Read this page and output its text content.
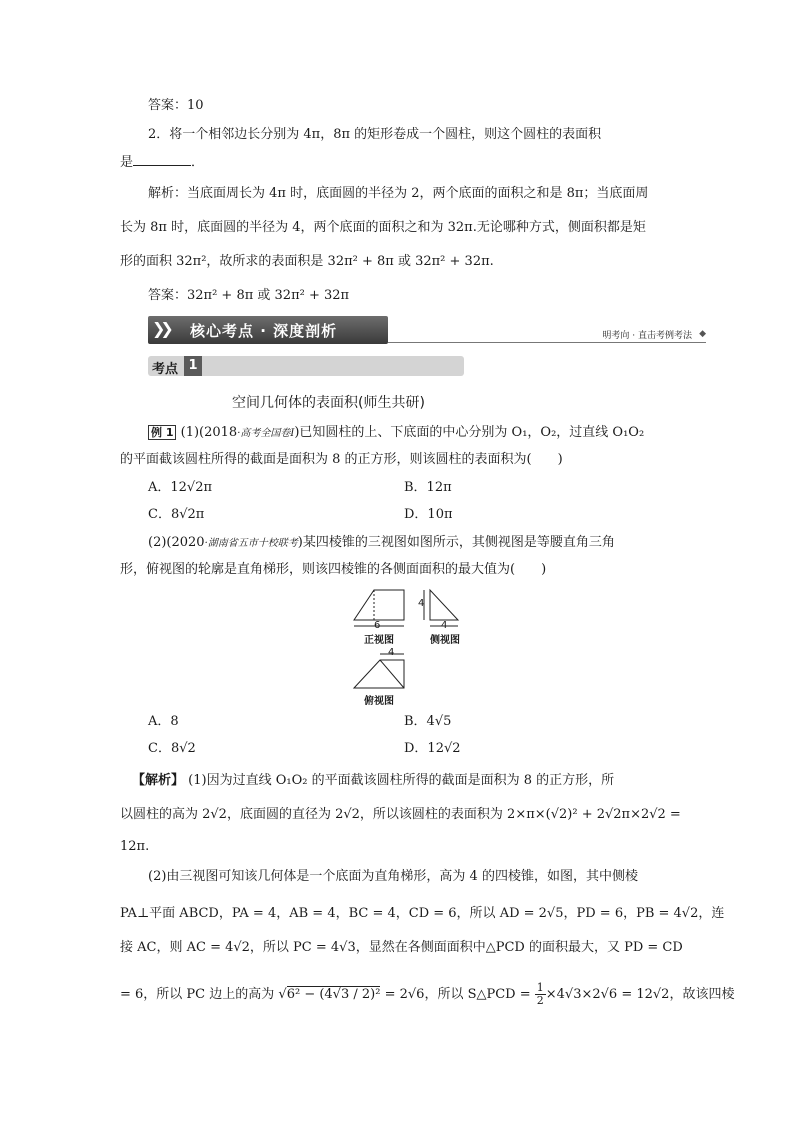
答案：10
2．将一个相邻边长分别为 4π，8π 的矩形卷成一个圆柱，则这个圆柱的表面积
是	．
解析：当底面周长为 4π 时，底面圆的半径为 2，两个底面的面积之和是 8π；当底面周
长为 8π 时，底面圆的半径为 4，两个底面的面积之和为 32π.无论哪种方式，侧面积都是矩
形的面积 32π²，故所求的表面积是 32π² + 8π 或 32π² + 32π.
答案：32π² + 8π 或 32π² + 32π
❯❯ 核心考点 · 深度剖析	明考向 · 直击考例考法 ◆
考点 1
空间几何体的表面积(师生共研)
例 1 (1)(2018·高考全国卷Ⅰ)已知圆柱的上、下底面的中心分别为 O₁，O₂，过直线 O₁O₂
的平面截该圆柱所得的截面是面积为 8 的正方形，则该圆柱的表面积为(　　)
A．12√2π	B．12π
C．8√2π	D．10π
(2)(2020·湖南省五市十校联考)某四棱锥的三视图如图所示，其侧视图是等腰直角三角
形，俯视图的轮廓是直角梯形，则该四棱锥的各侧面面积的最大值为(　　)
6
正视图
4
4
侧视图
4
俯视图
A．8	B．4√5
C．8√2	D．12√2
【解析】 (1)因为过直线 O₁O₂ 的平面截该圆柱所得的截面是面积为 8 的正方形，所
以圆柱的高为 2√2，底面圆的直径为 2√2，所以该圆柱的表面积为 2×π×(√2)² + 2√2π×2√2 =
12π.
(2)由三视图可知该几何体是一个底面为直角梯形，高为 4 的四棱锥，如图，其中侧棱
PA⊥平面 ABCD，PA = 4，AB = 4，BC = 4，CD = 6，所以 AD = 2√5，PD = 6，PB = 4√2，连
接 AC，则 AC = 4√2，所以 PC = 4√3，显然在各侧面面积中△PCD 的面积最大，又 PD = CD
= 6，所以 PC 边上的高为 √6² − (4√3 / 2)² = 2√6，所以 S△PCD = $\frac{1}{2} \times 4√3\times 2√6 = 12√2$，故该四棱
